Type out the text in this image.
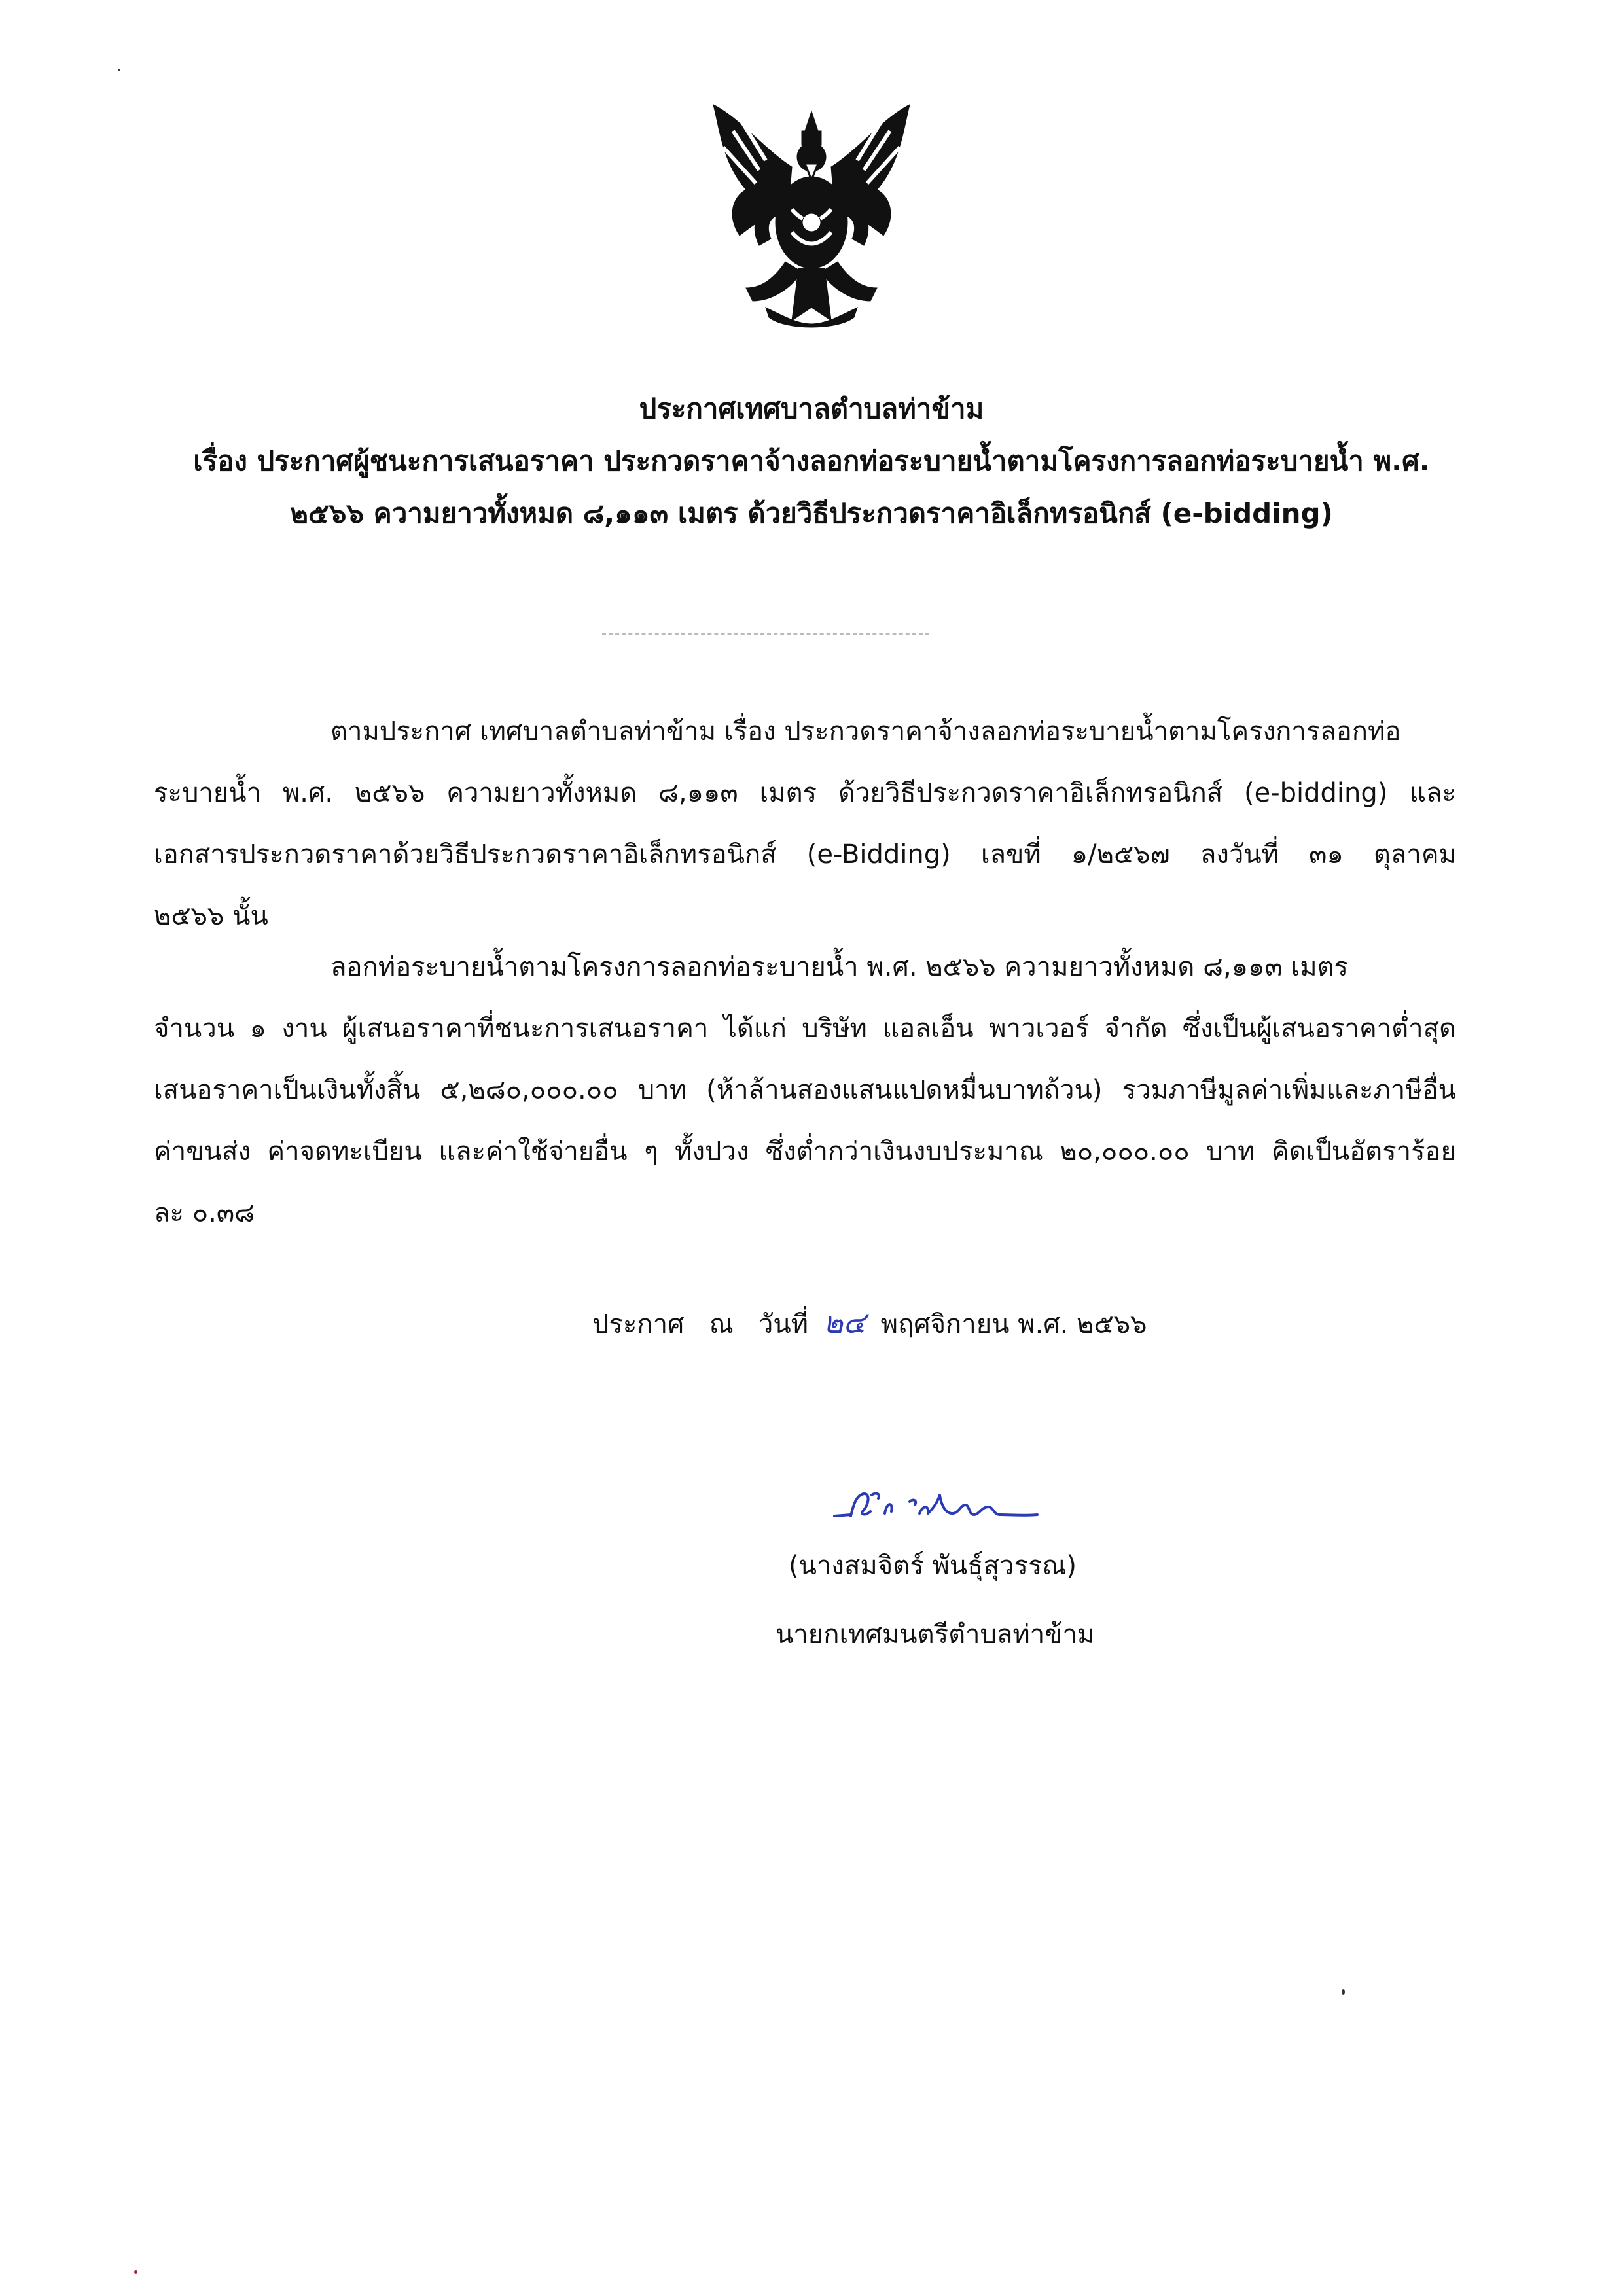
ประกาศเทศบาลตำบลท่าข้าม
เรื่อง ประกาศผู้ชนะการเสนอราคา ประกวดราคาจ้างลอกท่อระบายน้ำตามโครงการลอกท่อระบายน้ำ พ.ศ.
๒๕๖๖ ความยาวทั้งหมด ๘,๑๑๓ เมตร ด้วยวิธีประกวดราคาอิเล็กทรอนิกส์ (e-bidding)
ตามประกาศ เทศบาลตำบลท่าข้าม เรื่อง ประกวดราคาจ้างลอกท่อระบายน้ำตามโครงการลอกท่อ
ระบายน้ำ พ.ศ. ๒๕๖๖ ความยาวทั้งหมด ๘,๑๑๓ เมตร ด้วยวิธีประกวดราคาอิเล็กทรอนิกส์ (e-bidding) และ
เอกสารประกวดราคาด้วยวิธีประกวดราคาอิเล็กทรอนิกส์ (e-Bidding) เลขที่ ๑/๒๕๖๗ ลงวันที่ ๓๑ ตุลาคม
๒๕๖๖ นั้น
ลอกท่อระบายน้ำตามโครงการลอกท่อระบายน้ำ พ.ศ. ๒๕๖๖ ความยาวทั้งหมด ๘,๑๑๓ เมตร
จำนวน ๑ งาน ผู้เสนอราคาที่ชนะการเสนอราคา ได้แก่ บริษัท แอลเอ็น พาวเวอร์ จำกัด ซึ่งเป็นผู้เสนอราคาต่ำสุด
เสนอราคาเป็นเงินทั้งสิ้น ๕,๒๘๐,๐๐๐.๐๐ บาท (ห้าล้านสองแสนแปดหมื่นบาทถ้วน) รวมภาษีมูลค่าเพิ่มและภาษีอื่น
ค่าขนส่ง ค่าจดทะเบียน และค่าใช้จ่ายอื่น ๆ ทั้งปวง ซึ่งต่ำกว่าเงินงบประมาณ ๒๐,๐๐๐.๐๐ บาท คิดเป็นอัตราร้อย
ละ ๐.๓๘
ประกาศ ณ วันที่ ๒๔ พฤศจิกายน พ.ศ. ๒๕๖๖
(นางสมจิตร์ พันธุ์สุวรรณ)
นายกเทศมนตรีตำบลท่าข้าม
